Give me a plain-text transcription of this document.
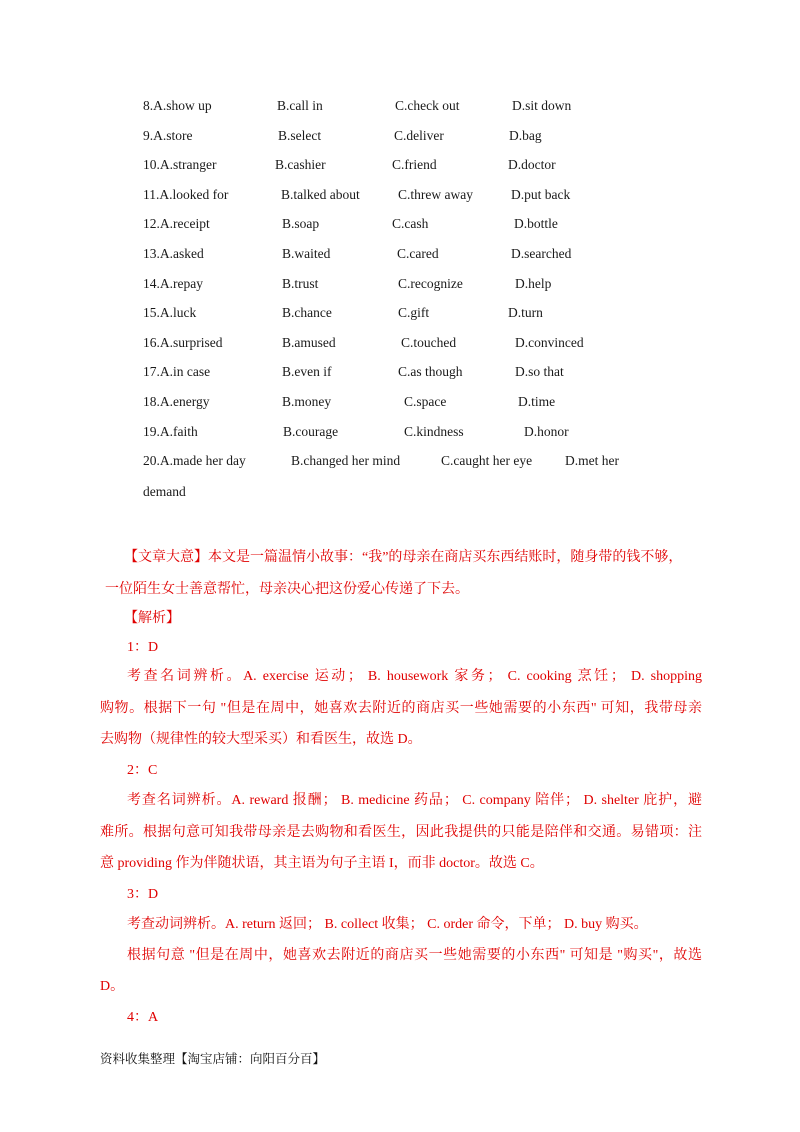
8.A.show up	B.call in	C.check out	D.sit down
9.A.store	B.select	C.deliver	D.bag
10.A.stranger	B.cashier	C.friend	D.doctor
11.A.looked for	B.talked about	C.threw away	D.put back
12.A.receipt	B.soap	C.cash	D.bottle
13.A.asked	B.waited	C.cared	D.searched
14.A.repay	B.trust	C.recognize	D.help
15.A.luck	B.chance	C.gift	D.turn
16.A.surprised	B.amused	C.touched	D.convinced
17.A.in case	B.even if	C.as though	D.so that
18.A.energy	B.money	C.space	D.time
19.A.faith	B.courage	C.kindness	D.honor
20.A.made her day	B.changed her mind	C.caught her eye D.met her
demand
【文章大意】本文是一篇温情小故事：“我”的母亲在商店买东西结账时，随身带的钱不够，
一位陌生女士善意帮忙，母亲决心把这份爱心传递了下去。
【解析】
1：D
考查名词辨析。A. exercise 运动； B. housework 家务； C. cooking 烹饪； D. shopping
购物。根据下一句 "但是在周中，她喜欢去附近的商店买一些她需要的小东西" 可知，我带母亲
去购物（规律性的较大型采买）和看医生，故选 D。
2：C
考查名词辨析。A. reward 报酬； B. medicine 药品； C. company 陪伴； D. shelter 庇护，避
难所。根据句意可知我带母亲是去购物和看医生，因此我提供的只能是陪伴和交通。易错项：注
意 providing 作为伴随状语，其主语为句子主语 I，而非 doctor。故选 C。
3：D
考查动词辨析。A. return 返回； B. collect 收集； C. order 命令，下单； D. buy 购买。
根据句意 "但是在周中，她喜欢去附近的商店买一些她需要的小东西" 可知是 "购买"，故选
D。
4：A
资料收集整理【淘宝店铺：向阳百分百】
